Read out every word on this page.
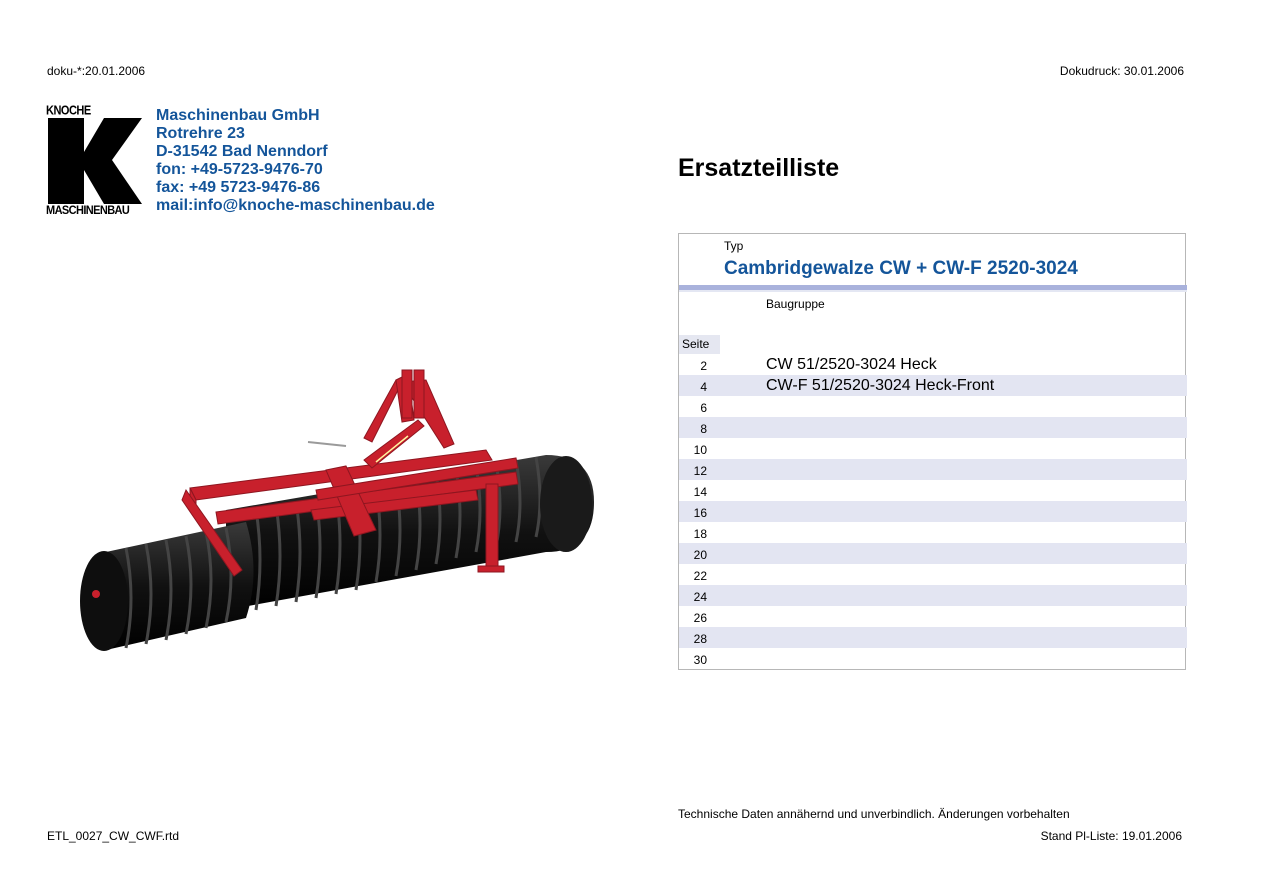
doku-*:20.01.2006	Dokudruck: 30.01.2006
KNOCHE
MASCHINENBAU
Maschinenbau GmbH
Rotrehre 23
D-31542 Bad Nenndorf
fon: +49-5723-9476-70
fax: +49 5723-9476-86
mail:info@knoche-maschinenbau.de
Ersatzteilliste
Typ
Cambridgewalze CW + CW-F 2520-3024
Baugruppe
Seite
2	CW 51/2520-3024 Heck
4	CW-F 51/2520-3024 Heck-Front
6
8
10
12
14
16
18
20
22
24
26
28
30
Technische Daten annähernd und unverbindlich. Änderungen vorbehalten
ETL_0027_CW_CWF.rtd	Stand Pl-Liste: 19.01.2006
